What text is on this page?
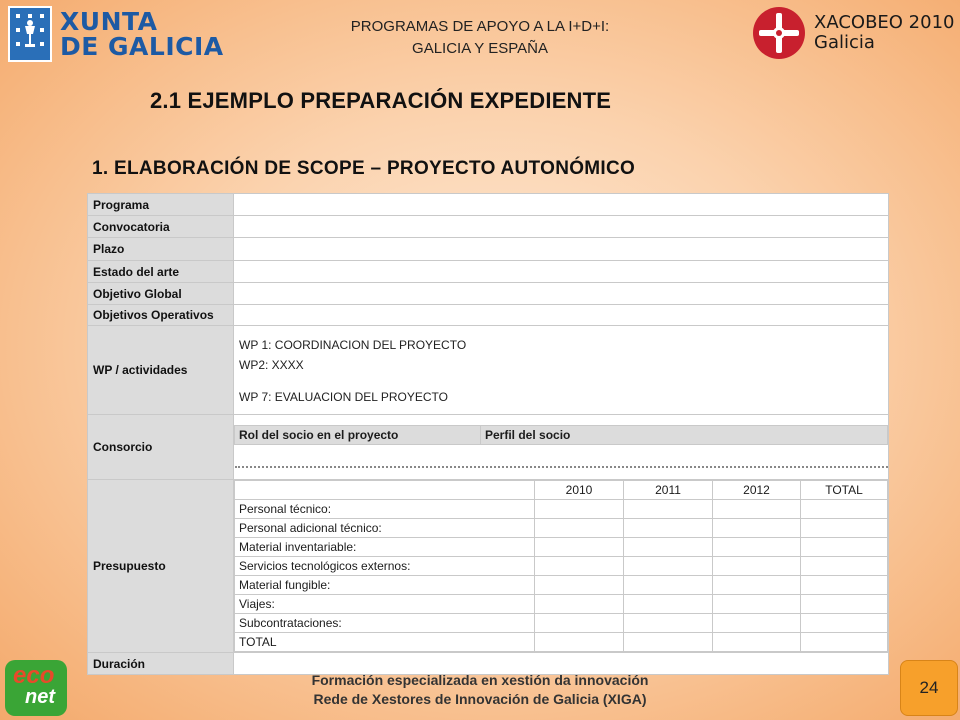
XUNTA
DE GALICIA
PROGRAMAS DE APOYO A LA I+D+I:
GALICIA Y ESPAÑA
XACOBEO 2010
Galicia
2.1 EJEMPLO PREPARACIÓN EXPEDIENTE
1. ELABORACIÓN DE SCOPE – PROYECTO AUTONÓMICO
Programa	
Convocatoria	
Plazo	
Estado del arte	
Objetivo Global	
Objetivos Operativos	
WP / actividades	
WP 1: COORDINACION DEL PROYECTO
WP2: XXXX
WP 7: EVALUACION DEL PROYECTO

Consorcio	
Rol del socio en el proyecto	Perfil del socio

Presupuesto	
	2010	2011	2012	TOTAL
Personal técnico:				
Personal adicional técnico:				
Material inventariable:				
Servicios tecnológicos externos:				
Material fungible:				
Viajes:				
Subcontrataciones:				
TOTAL				

Duración	
eco
net
Formación especializada en xestión da innovación
Rede de Xestores de Innovación de Galicia (XIGA)
24
